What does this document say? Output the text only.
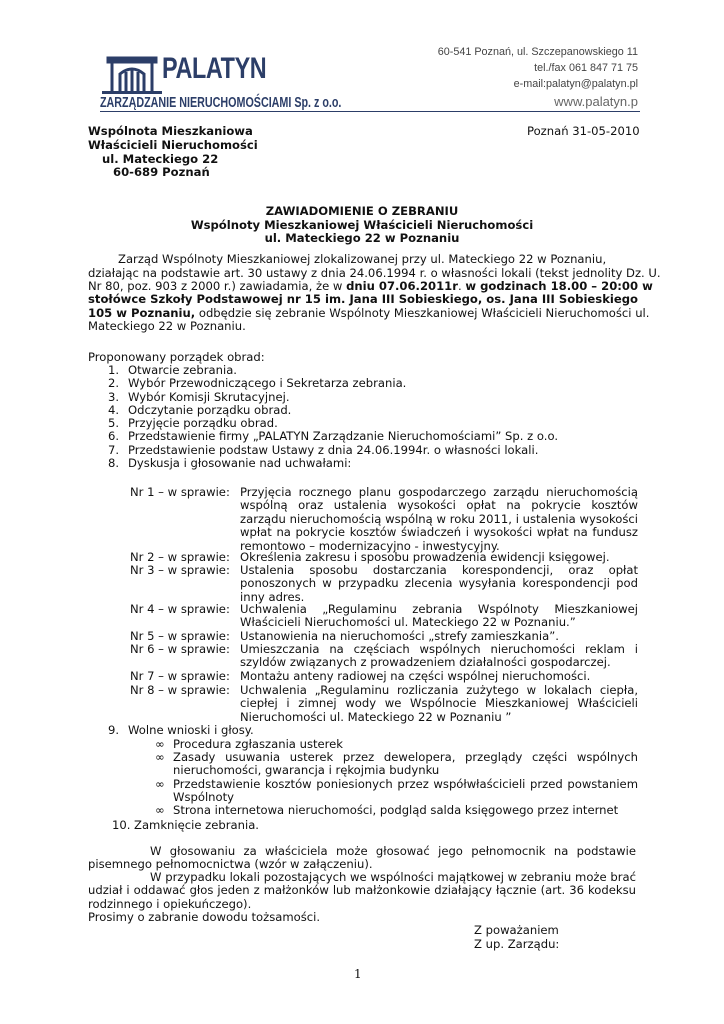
PALATYN
ZARZĄDZANIE NIERUCHOMOŚCIAMI Sp. z o.o.
60-541 Poznań, ul. Szczepanowskiego 11
tel./fax 061 847 71 75
e-mail:palatyn@palatyn.pl
www.palatyn.p
Wspólnota Mieszkaniowa
Właścicieli Nieruchomości
ul. Mateckiego 22
60-689 Poznań
Poznań 31-05-2010
ZAWIADOMIENIE O ZEBRANIU
Wspólnoty Mieszkaniowej Właścicieli Nieruchomości
ul. Mateckiego 22 w Poznaniu
Zarząd Wspólnoty Mieszkaniowej zlokalizowanej przy ul. Mateckiego 22 w Poznaniu,
działając na podstawie art. 30 ustawy z dnia 24.06.1994 r. o własności lokali (tekst jednolity Dz. U.
Nr 80, poz. 903 z 2000 r.) zawiadamia, że w dniu 07.06.2011r. w godzinach 18.00 – 20:00 w
stołówce Szkoły Podstawowej nr 15 im. Jana III Sobieskiego, os. Jana III Sobieskiego
105 w Poznaniu, odbędzie się zebranie Wspólnoty Mieszkaniowej Właścicieli Nieruchomości ul.
Mateckiego 22 w Poznaniu.
Proponowany porządek obrad:
1. Otwarcie zebrania.
2. Wybór Przewodniczącego i Sekretarza zebrania.
3. Wybór Komisji Skrutacyjnej.
4. Odczytanie porządku obrad.
5. Przyjęcie porządku obrad.
6. Przedstawienie firmy „PALATYN Zarządzanie Nieruchomościami” Sp. z o.o.
7. Przedstawienie podstaw Ustawy z dnia 24.06.1994r. o własności lokali.
8. Dyskusja i głosowanie nad uchwałami:
Nr 1 – w sprawie: Przyjęcia rocznego planu gospodarczego zarządu nieruchomością wspólną oraz ustalenia wysokości opłat na pokrycie kosztów zarządu nieruchomością wspólną w roku 2011, i ustalenia wysokości wpłat na pokrycie kosztów świadczeń i wysokości wpłat na fundusz remontowo – modernizacyjno - inwestycyjny.
Nr 2 – w sprawie: Określenia zakresu i sposobu prowadzenia ewidencji księgowej.
Nr 3 – w sprawie: Ustalenia sposobu dostarczania korespondencji, oraz opłat ponoszonych w przypadku zlecenia wysyłania korespondencji pod inny adres.
Nr 4 – w sprawie: Uchwalenia „Regulaminu zebrania Wspólnoty Mieszkaniowej Właścicieli Nieruchomości ul. Mateckiego 22 w Poznaniu.”
Nr 5 – w sprawie: Ustanowienia na nieruchomości „strefy zamieszkania”.
Nr 6 – w sprawie: Umieszczania na częściach wspólnych nieruchomości reklam i szyldów związanych z prowadzeniem działalności gospodarczej.
Nr 7 – w sprawie: Montażu anteny radiowej na części wspólnej nieruchomości.
Nr 8 – w sprawie: Uchwalenia „Regulaminu rozliczania zużytego w lokalach ciepła, ciepłej i zimnej wody we Wspólnocie Mieszkaniowej Właścicieli Nieruchomości ul. Mateckiego 22 w Poznaniu ”
9. Wolne wnioski i głosy.
∞ Procedura zgłaszania usterek
∞ Zasady usuwania usterek przez dewelopera, przeglądy części wspólnych nieruchomości, gwarancja i rękojmia budynku
∞ Przedstawienie kosztów poniesionych przez współwłaścicieli przed powstaniem Wspólnoty
∞ Strona internetowa nieruchomości, podgląd salda księgowego przez internet
10. Zamknięcie zebrania.
W głosowaniu za właściciela może głosować jego pełnomocnik na podstawie pisemnego pełnomocnictwa (wzór w załączeniu).
W przypadku lokali pozostających we wspólności majątkowej w zebraniu może brać udział i oddawać głos jeden z małżonków lub małżonkowie działający łącznie (art. 36 kodeksu rodzinnego i opiekuńczego).
Prosimy o zabranie dowodu tożsamości.
Z poważaniem
Z up. Zarządu:
1
